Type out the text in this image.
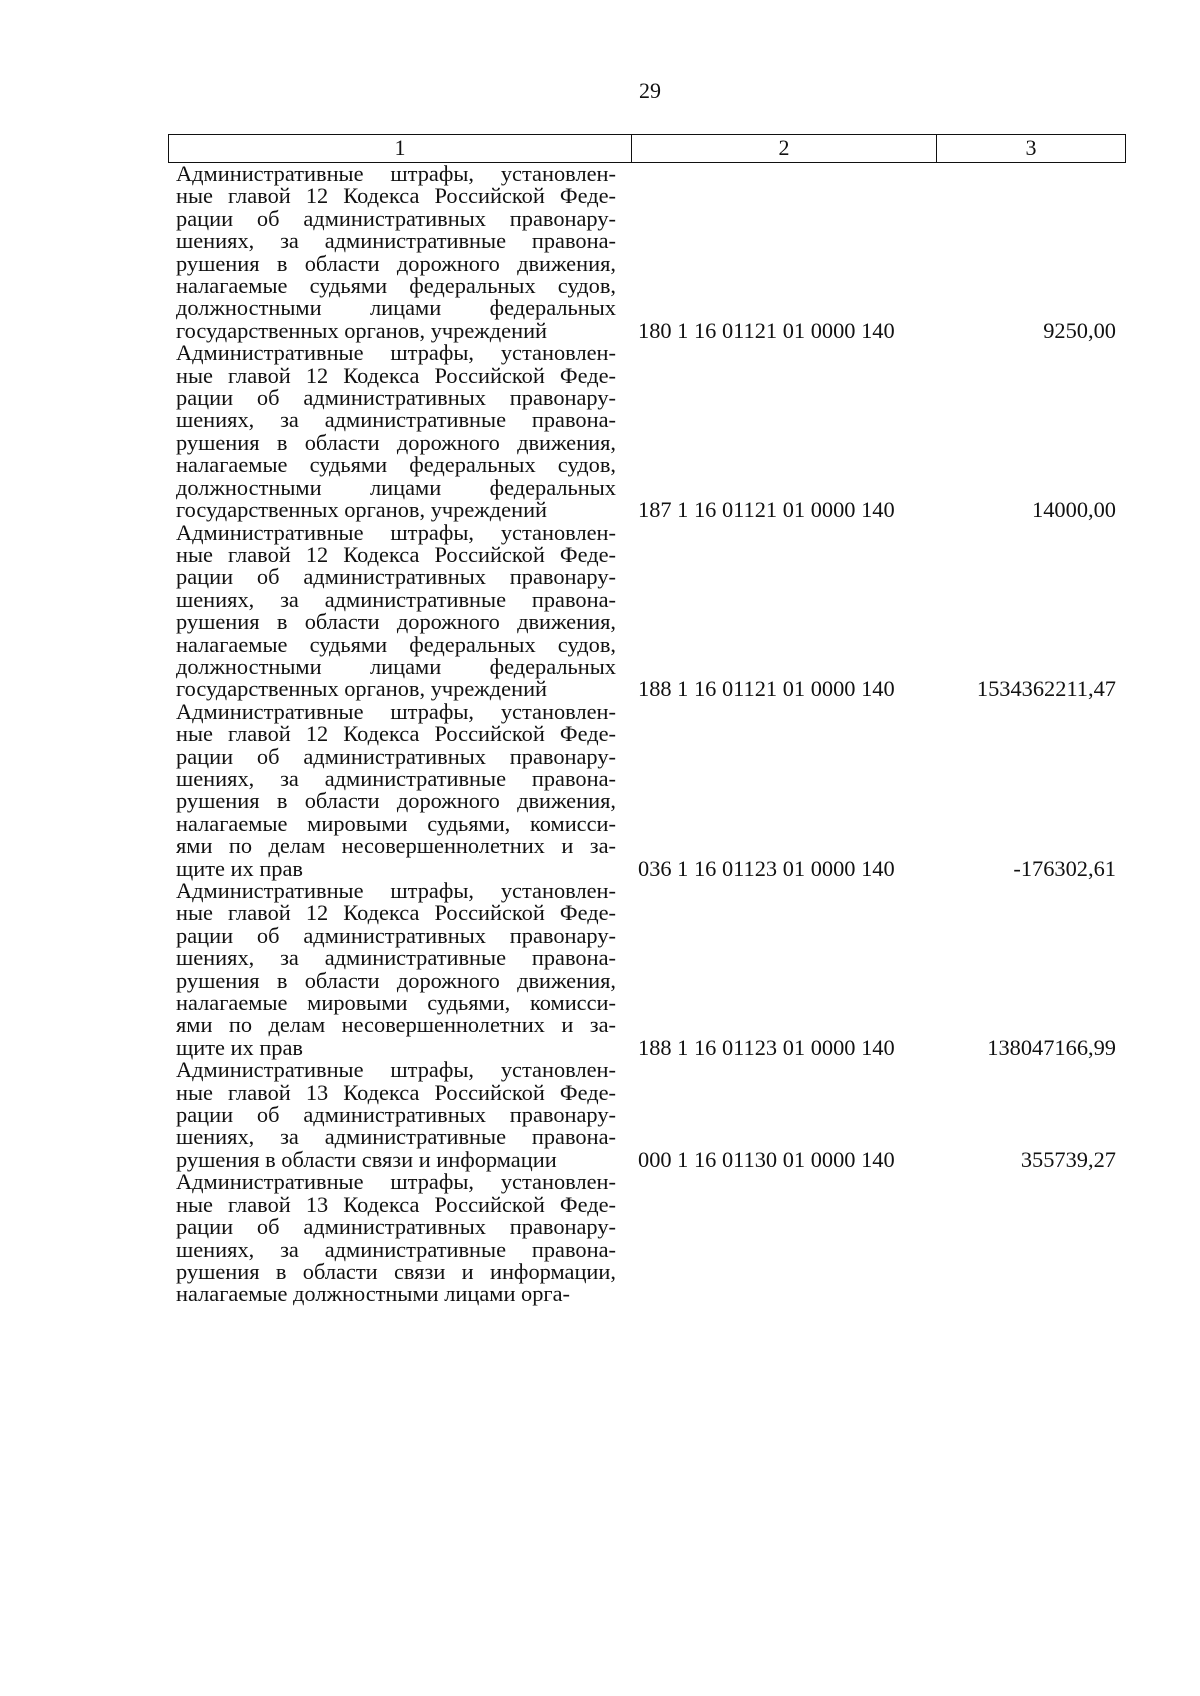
29
1	2	3
Административные штрафы, установлен-
ные главой 12 Кодекса Российской Феде-
рации об административных правонару-
шениях, за административные правона-
рушения в области дорожного движения,
налагаемые судьями федеральных судов,
должностными лицами федеральных
государственных органов, учреждений	180 1 16 01121 01 0000 140	9250,00
Административные штрафы, установлен-
ные главой 12 Кодекса Российской Феде-
рации об административных правонару-
шениях, за административные правона-
рушения в области дорожного движения,
налагаемые судьями федеральных судов,
должностными лицами федеральных
государственных органов, учреждений	187 1 16 01121 01 0000 140	14000,00
Административные штрафы, установлен-
ные главой 12 Кодекса Российской Феде-
рации об административных правонару-
шениях, за административные правона-
рушения в области дорожного движения,
налагаемые судьями федеральных судов,
должностными лицами федеральных
государственных органов, учреждений	188 1 16 01121 01 0000 140	1534362211,47
Административные штрафы, установлен-
ные главой 12 Кодекса Российской Феде-
рации об административных правонару-
шениях, за административные правона-
рушения в области дорожного движения,
налагаемые мировыми судьями, комисси-
ями по делам несовершеннолетних и за-
щите их прав	036 1 16 01123 01 0000 140	-176302,61
Административные штрафы, установлен-
ные главой 12 Кодекса Российской Феде-
рации об административных правонару-
шениях, за административные правона-
рушения в области дорожного движения,
налагаемые мировыми судьями, комисси-
ями по делам несовершеннолетних и за-
щите их прав	188 1 16 01123 01 0000 140	138047166,99
Административные штрафы, установлен-
ные главой 13 Кодекса Российской Феде-
рации об административных правонару-
шениях, за административные правона-
рушения в области связи и информации	000 1 16 01130 01 0000 140	355739,27
Административные штрафы, установлен-
ные главой 13 Кодекса Российской Феде-
рации об административных правонару-
шениях, за административные правона-
рушения в области связи и информации,
налагаемые должностными лицами орга-
